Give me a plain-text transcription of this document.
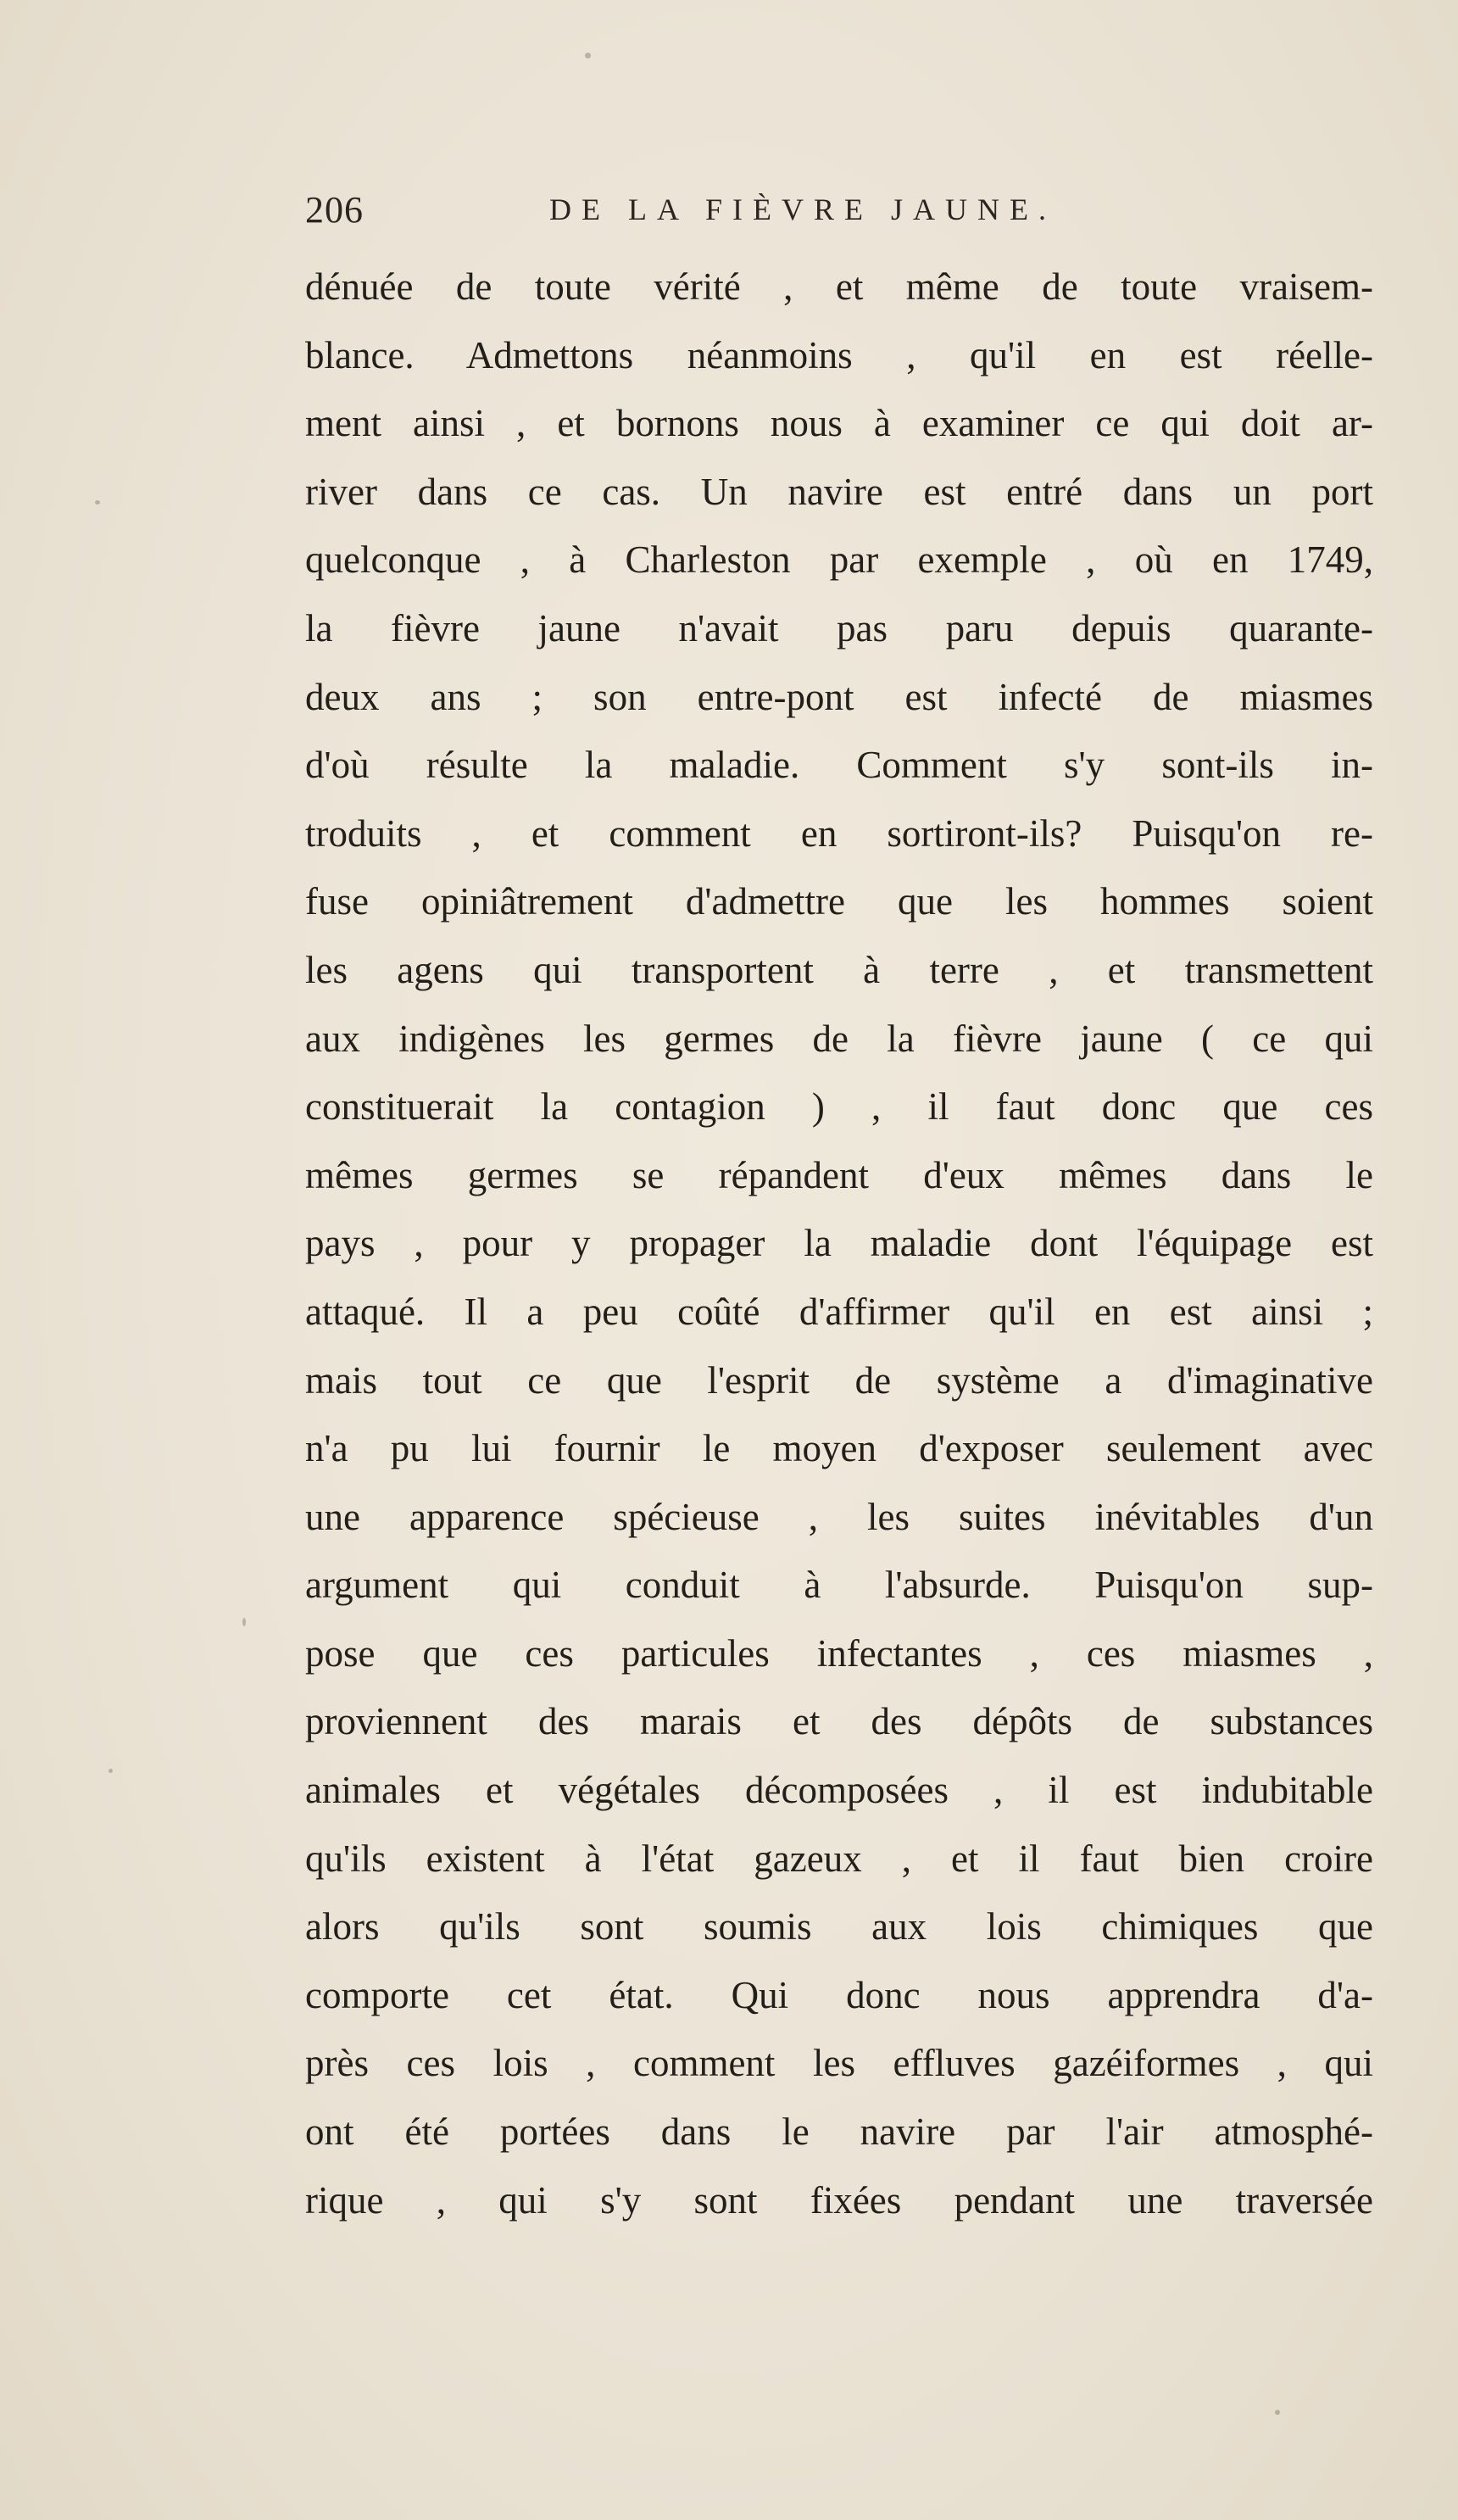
206	DE LA FIÈVRE JAUNE.
dénuée de toute vérité , et même de toute vraisem-
blance. Admettons néanmoins , qu'il en est réelle-
ment ainsi , et bornons nous à examiner ce qui doit ar-
river dans ce cas. Un navire est entré dans un port
quelconque , à Charleston par exemple , où en 1749,
la fièvre jaune n'avait pas paru depuis quarante-
deux ans ; son entre-pont est infecté de miasmes
d'où résulte la maladie. Comment s'y sont-ils in-
troduits , et comment en sortiront-ils? Puisqu'on re-
fuse opiniâtrement d'admettre que les hommes soient
les agens qui transportent à terre , et transmettent
aux indigènes les germes de la fièvre jaune ( ce qui
constituerait la contagion ) , il faut donc que ces
mêmes germes se répandent d'eux mêmes dans le
pays , pour y propager la maladie dont l'équipage est
attaqué. Il a peu coûté d'affirmer qu'il en est ainsi ;
mais tout ce que l'esprit de système a d'imaginative
n'a pu lui fournir le moyen d'exposer seulement avec
une apparence spécieuse , les suites inévitables d'un
argument qui conduit à l'absurde. Puisqu'on sup-
pose que ces particules infectantes , ces miasmes ,
proviennent des marais et des dépôts de substances
animales et végétales décomposées , il est indubitable
qu'ils existent à l'état gazeux , et il faut bien croire
alors qu'ils sont soumis aux lois chimiques que
comporte cet état. Qui donc nous apprendra d'a-
près ces lois , comment les effluves gazéiformes , qui
ont été portées dans le navire par l'air atmosphé-
rique , qui s'y sont fixées pendant une traversée
